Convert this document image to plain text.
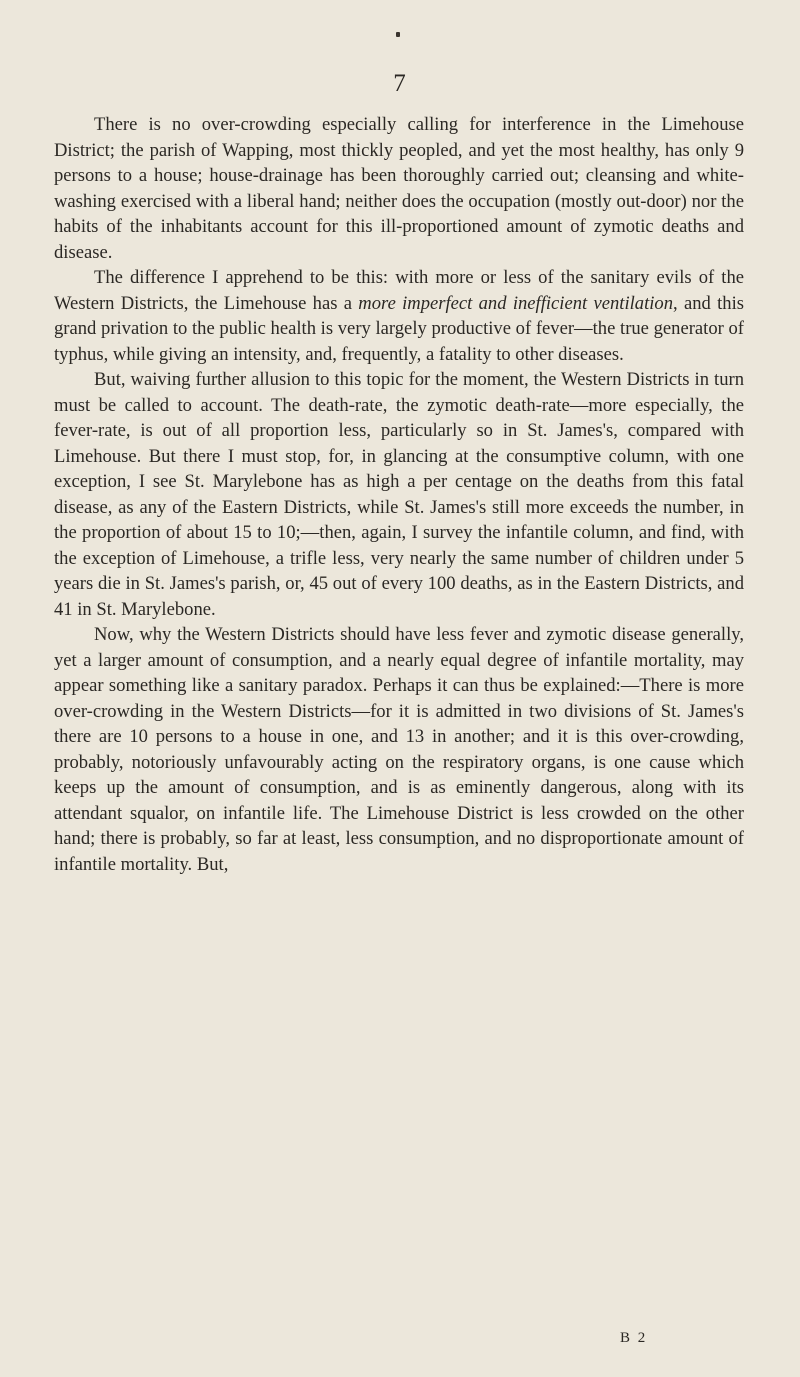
7

There is no over-crowding especially calling for interference in the Limehouse District; the parish of Wapping, most thickly peopled, and yet the most healthy, has only 9 persons to a house; house-drainage has been thoroughly carried out; cleansing and white-washing exercised with a liberal hand; neither does the occupation (mostly out-door) nor the habits of the inhabitants account for this ill-proportioned amount of zymotic deaths and disease.

The difference I apprehend to be this: with more or less of the sanitary evils of the Western Districts, the Limehouse has a more imperfect and inefficient ventilation, and this grand privation to the public health is very largely productive of fever—the true generator of typhus, while giving an intensity, and, frequently, a fatality to other diseases.

But, waiving further allusion to this topic for the moment, the Western Districts in turn must be called to account. The death-rate, the zymotic death-rate—more especially, the fever-rate, is out of all proportion less, particularly so in St. James's, compared with Limehouse. But there I must stop, for, in glancing at the consumptive column, with one exception, I see St. Marylebone has as high a per centage on the deaths from this fatal disease, as any of the Eastern Districts, while St. James's still more exceeds the number, in the proportion of about 15 to 10;—then, again, I survey the infantile column, and find, with the exception of Limehouse, a trifle less, very nearly the same number of children under 5 years die in St. James's parish, or, 45 out of every 100 deaths, as in the Eastern Districts, and 41 in St. Marylebone.

Now, why the Western Districts should have less fever and zymotic disease generally, yet a larger amount of consumption, and a nearly equal degree of infantile mortality, may appear something like a sanitary paradox. Perhaps it can thus be explained:—There is more over-crowding in the Western Districts—for it is admitted in two divisions of St. James's there are 10 persons to a house in one, and 13 in another; and it is this over-crowding, probably, notoriously unfavourably acting on the respiratory organs, is one cause which keeps up the amount of consumption, and is as eminently dangerous, along with its attendant squalor, on infantile life. The Limehouse District is less crowded on the other hand; there is probably, so far at least, less consumption, and no disproportionate amount of infantile mortality. But,

B 2
